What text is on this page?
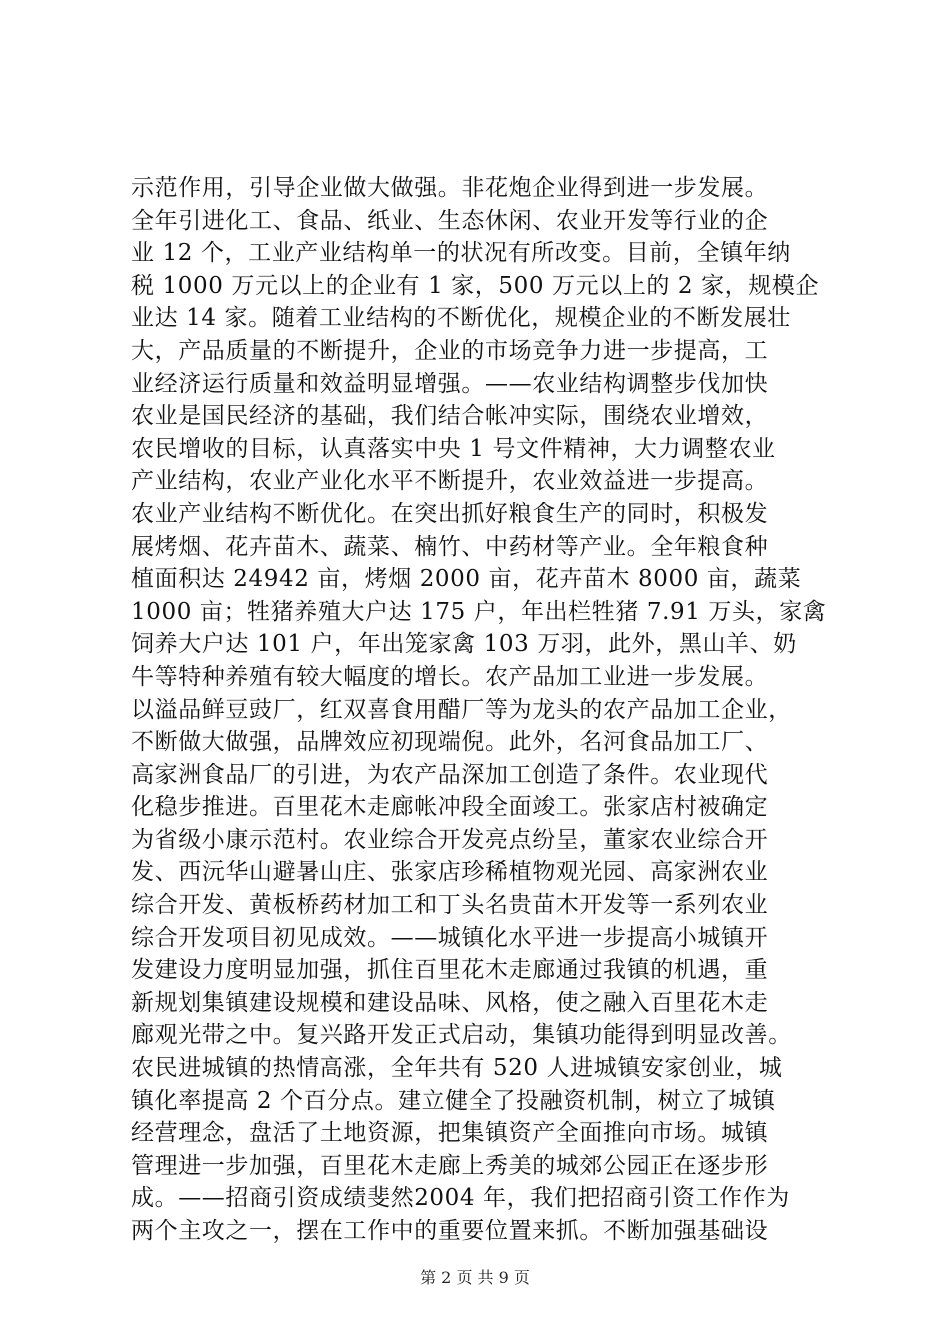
示范作用，引导企业做大做强。非花炮企业得到进一步发展。
全年引进化工、食品、纸业、生态休闲、农业开发等行业的企
业 12 个，工业产业结构单一的状况有所改变。目前，全镇年纳
税 1000 万元以上的企业有 1 家，500 万元以上的 2 家，规模企
业达 14 家。随着工业结构的不断优化，规模企业的不断发展壮
大，产品质量的不断提升，企业的市场竞争力进一步提高，工
业经济运行质量和效益明显增强。——农业结构调整步伐加快
农业是国民经济的基础，我们结合帐冲实际，围绕农业增效，
农民增收的目标，认真落实中央 1 号文件精神，大力调整农业
产业结构，农业产业化水平不断提升，农业效益进一步提高。
农业产业结构不断优化。在突出抓好粮食生产的同时，积极发
展烤烟、花卉苗木、蔬菜、楠竹、中药材等产业。全年粮食种
植面积达 24942 亩，烤烟 2000 亩，花卉苗木 8000 亩，蔬菜
1000 亩；牲猪养殖大户达 175 户，年出栏牲猪 7.91 万头，家禽
饲养大户达 101 户，年出笼家禽 103 万羽，此外，黑山羊、奶
牛等特种养殖有较大幅度的增长。农产品加工业进一步发展。
以溢品鲜豆豉厂，红双喜食用醋厂等为龙头的农产品加工企业，
不断做大做强，品牌效应初现端倪。此外，名河食品加工厂、
高家洲食品厂的引进，为农产品深加工创造了条件。农业现代
化稳步推进。百里花木走廊帐冲段全面竣工。张家店村被确定
为省级小康示范村。农业综合开发亮点纷呈，董家农业综合开
发、西沅华山避暑山庄、张家店珍稀植物观光园、高家洲农业
综合开发、黄板桥药材加工和丁头名贵苗木开发等一系列农业
综合开发项目初见成效。——城镇化水平进一步提高小城镇开
发建设力度明显加强，抓住百里花木走廊通过我镇的机遇，重
新规划集镇建设规模和建设品味、风格，使之融入百里花木走
廊观光带之中。复兴路开发正式启动，集镇功能得到明显改善。
农民进城镇的热情高涨，全年共有 520 人进城镇安家创业，城
镇化率提高 2 个百分点。建立健全了投融资机制，树立了城镇
经营理念，盘活了土地资源，把集镇资产全面推向市场。城镇
管理进一步加强，百里花木走廊上秀美的城郊公园正在逐步形
成。——招商引资成绩斐然2004 年，我们把招商引资工作作为
两个主攻之一，摆在工作中的重要位置来抓。不断加强基础设
第 2 页 共 9 页
